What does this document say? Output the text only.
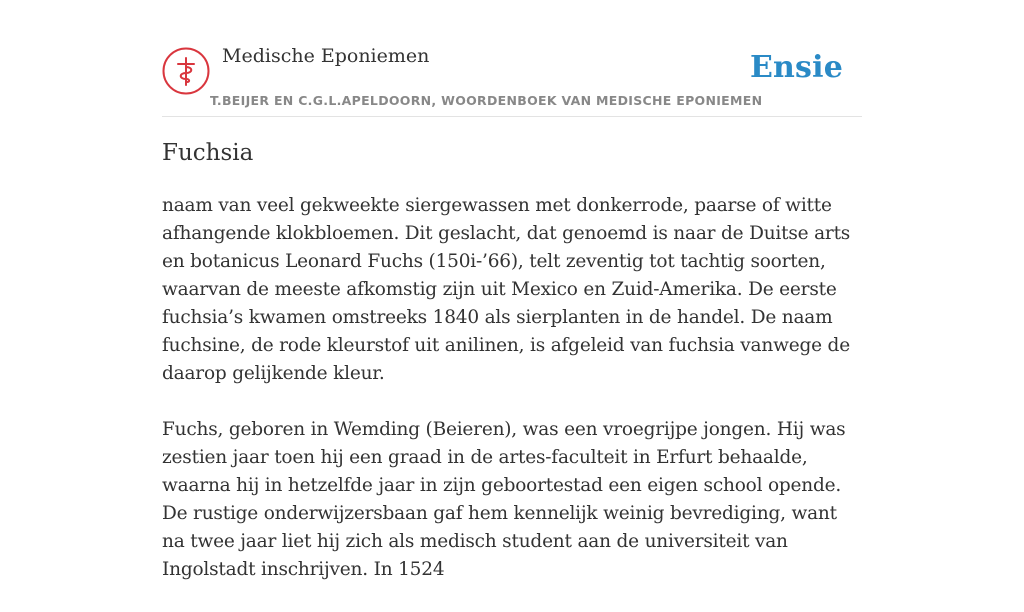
Medische Eponiemen
T.BEIJER EN C.G.L.APELDOORN, WOORDENBOEK VAN MEDISCHE EPONIEMEN
Ensie
Fuchsia

naam van veel gekweekte siergewassen met donkerrode, paarse of witte afhangende klokbloemen. Dit geslacht, dat genoemd is naar de Duitse arts en botanicus Leonard Fuchs (150i-’66), telt zeventig tot tachtig soorten, waarvan de meeste afkomstig zijn uit Mexico en Zuid-Amerika. De eerste fuchsia’s kwamen omstreeks 1840 als sierplanten in de handel. De naam fuchsine, de rode kleurstof uit anilinen, is afgeleid van fuchsia vanwege de daarop gelijkende kleur.

Fuchs, geboren in Wemding (Beieren), was een vroegrijpe jongen. Hij was zestien jaar toen hij een graad in de artes-faculteit in Erfurt behaalde, waarna hij in hetzelfde jaar in zijn geboortestad een eigen school opende. De rustige onderwijzersbaan gaf hem kennelijk weinig bevrediging, want na twee jaar liet hij zich als medisch student aan de universiteit van Ingolstadt inschrijven. In 1524
